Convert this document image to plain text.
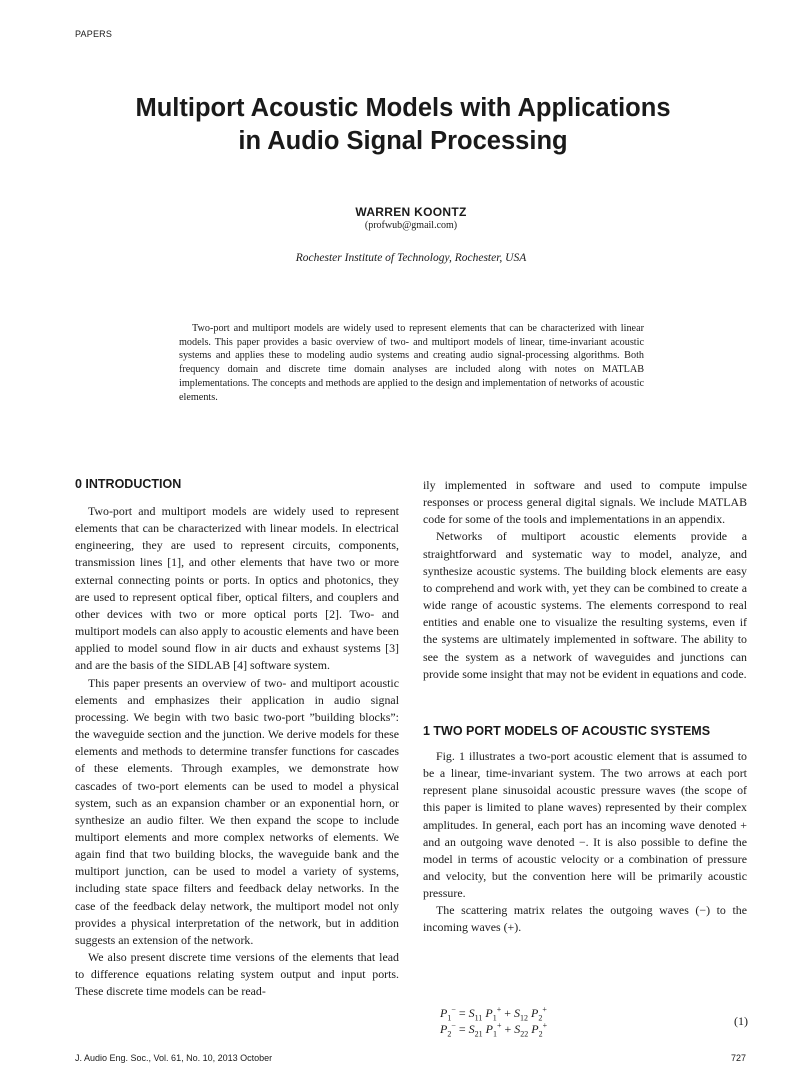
PAPERS
Multiport Acoustic Models with Applications
in Audio Signal Processing
WARREN KOONTZ
(profwub@gmail.com)
Rochester Institute of Technology, Rochester, USA

Two-port and multiport models are widely used to represent elements that can be characterized with linear models. This paper provides a basic overview of two- and multiport models of linear, time-invariant acoustic systems and applies these to modeling audio systems and creating audio signal-processing algorithms. Both frequency domain and discrete time domain analyses are included along with notes on MATLAB implementations. The concepts and methods are applied to the design and implementation of networks of acoustic elements.

0 INTRODUCTION

Two-port and multiport models are widely used to represent elements that can be characterized with linear models. In electrical engineering, they are used to represent circuits, components, transmission lines [1], and other elements that have two or more external connecting points or ports. In optics and photonics, they are used to represent optical fiber, optical filters, and couplers and other devices with two or more optical ports [2]. Two- and multiport models can also apply to acoustic elements and have been applied to model sound flow in air ducts and exhaust systems [3] and are the basis of the SIDLAB [4] software system.

This paper presents an overview of two- and multiport acoustic elements and emphasizes their application in audio signal processing. We begin with two basic two-port ”building blocks”: the waveguide section and the junction. We derive models for these elements and methods to determine transfer functions for cascades of these elements. Through examples, we demonstrate how cascades of two-port elements can be used to model a physical system, such as an expansion chamber or an exponential horn, or synthesize an audio filter. We then expand the scope to include multiport elements and more complex networks of elements. We again find that two building blocks, the waveguide bank and the multiport junction, can be used to model a variety of systems, including state space filters and feedback delay networks. In the case of the feedback delay network, the multiport model not only provides a physical interpretation of the network, but in addition suggests an extension of the network.

We also present discrete time versions of the elements that lead to difference equations relating system output and input ports. These discrete time models can be read-

ily implemented in software and used to compute impulse responses or process general digital signals. We include MATLAB code for some of the tools and implementations in an appendix.

Networks of multiport acoustic elements provide a straightforward and systematic way to model, analyze, and synthesize acoustic systems. The building block elements are easy to comprehend and work with, yet they can be combined to create a wide range of acoustic systems. The elements correspond to real entities and enable one to visualize the resulting systems, even if the systems are ultimately implemented in software. The ability to see the system as a network of waveguides and junctions can provide some insight that may not be evident in equations and code.

1 TWO PORT MODELS OF ACOUSTIC SYSTEMS

Fig. 1 illustrates a two-port acoustic element that is assumed to be a linear, time-invariant system. The two arrows at each port represent plane sinusoidal acoustic pressure waves (the scope of this paper is limited to plane waves) represented by their complex amplitudes. In general, each port has an incoming wave denoted + and an outgoing wave denoted −. It is also possible to define the model in terms of acoustic velocity or a combination of pressure and velocity, but the convention here will be primarily acoustic pressure.

The scattering matrix relates the outgoing waves (−) to the incoming waves (+).

$P_1^- = S_{11}$ $P_1^+ + S_{12}$ $P_2^+$
$P_2^- = S_{21}$ $P_1^+ + S_{22}$ $P_2^+$	(1)
J. Audio Eng. Soc., Vol. 61, No. 10, 2013 October	727
